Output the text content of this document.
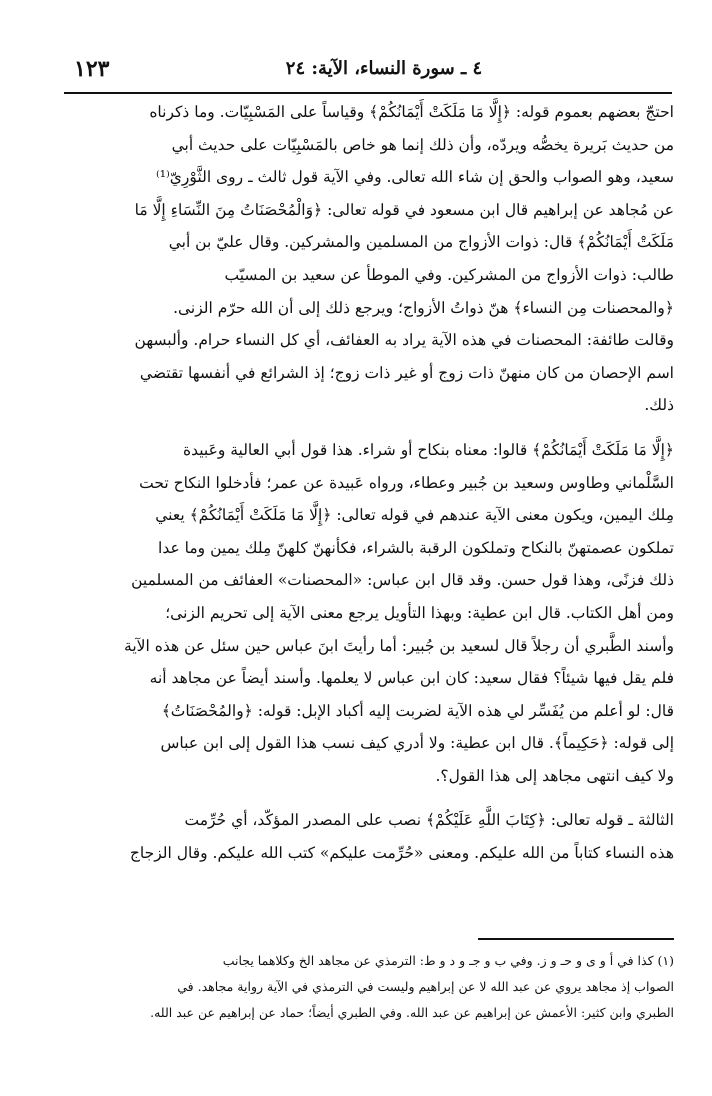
١٢٣	٤ ـ سورة النساء، الآية: ٢٤

احتجّ بعضهم بعموم قوله: ﴿إِلَّا مَا مَلَكَتْ أَيْمَانُكُمْ﴾ وقياساً على المَسْبِيّات. وما ذكرناه

من حديث بَريرة يخصُّه ويردّه، وأن ذلك إنما هو خاص بالمَسْبِيّات على حديث أبي

سعيد، وهو الصواب والحق إن شاء الله تعالى. وفي الآية قول ثالث ـ روى الثَّوْرِيّ⁽¹⁾

عن مُجاهد عن إبراهيم قال ابن مسعود في قوله تعالى: ﴿وَالْمُحْصَنَاتُ مِنَ النِّسَاءِ إِلَّا مَا

مَلَكَتْ أَيْمَانُكُمْ﴾ قال: ذوات الأزواج من المسلمين والمشركين. وقال عليّ بن أبي

طالب: ذوات الأزواج من المشركين. وفي الموطأ عن سعيد بن المسيّب

﴿والمحصنات مِن النساء﴾ هنّ ذواتُ الأزواج؛ ويرجع ذلك إلى أن الله حرّم الزنى.

وقالت طائفة: المحصنات في هذه الآية يراد به العفائف، أي كل النساء حرام. وألبسهن

اسم الإحصان من كان منهنّ ذات زوج أو غير ذات زوج؛ إذ الشرائع في أنفسها تقتضي

ذلك.

﴿إِلَّا مَا مَلَكَتْ أَيْمَانُكُمْ﴾ قالوا: معناه بنكاح أو شراء. هذا قول أبي العالية وعَبيدة

السَّلْماني وطاوس وسعيد بن جُبير وعطاء، ورواه عَبيدة عن عمر؛ فأدخلوا النكاح تحت

مِلك اليمين، ويكون معنى الآية عندهم في قوله تعالى: ﴿إِلَّا مَا مَلَكَتْ أَيْمَانُكُمْ﴾ يعني

تملكون عصمتهنّ بالنكاح وتملكون الرقبة بالشراء، فكأنهنّ كلهنّ مِلك يمين وما عدا

ذلك فزنًى، وهذا قول حسن. وقد قال ابن عباس: «المحصنات» العفائف من المسلمين

ومن أهل الكتاب. قال ابن عطية: وبهذا التأويل يرجع معنى الآية إلى تحريم الزنى؛

وأسند الطَّبري أن رجلاً قال لسعيد بن جُبير: أما رأيتَ ابنَ عباس حين سئل عن هذه الآية

فلم يقل فيها شيئاً؟ فقال سعيد: كان ابن عباس لا يعلمها. وأسند أيضاً عن مجاهد أنه

قال: لو أعلم من يُفَسِّر لي هذه الآية لضربت إليه أكباد الإبل: قوله: ﴿والمُحْصَنَاتُ﴾

إلى قوله: ﴿حَكِيماً﴾. قال ابن عطية: ولا أدري كيف نسب هذا القول إلى ابن عباس

ولا كيف انتهى مجاهد إلى هذا القول؟.

الثالثة ـ قوله تعالى: ﴿كِتَابَ اللَّهِ عَلَيْكُمْ﴾ نصب على المصدر المؤكّد، أي حُرِّمت

هذه النساء كتاباً من الله عليكم. ومعنى «حُرِّمت عليكم» كتب الله عليكم. وقال الزجاج

(١) كذا في أ و ى و حـ و ز. وفي ب و جـ و د و ط: الترمذي عن مجاهد الخ وكلاهما يجانب

الصواب إذ مجاهد يروي عن عبد الله لا عن إبراهيم وليست في الترمذي في الآية رواية مجاهد. في

الطبري وابن كثير: الأعمش عن إبراهيم عن عبد الله. وفي الطبري أيضاً؛ حماد عن إبراهيم عن عبد الله.
